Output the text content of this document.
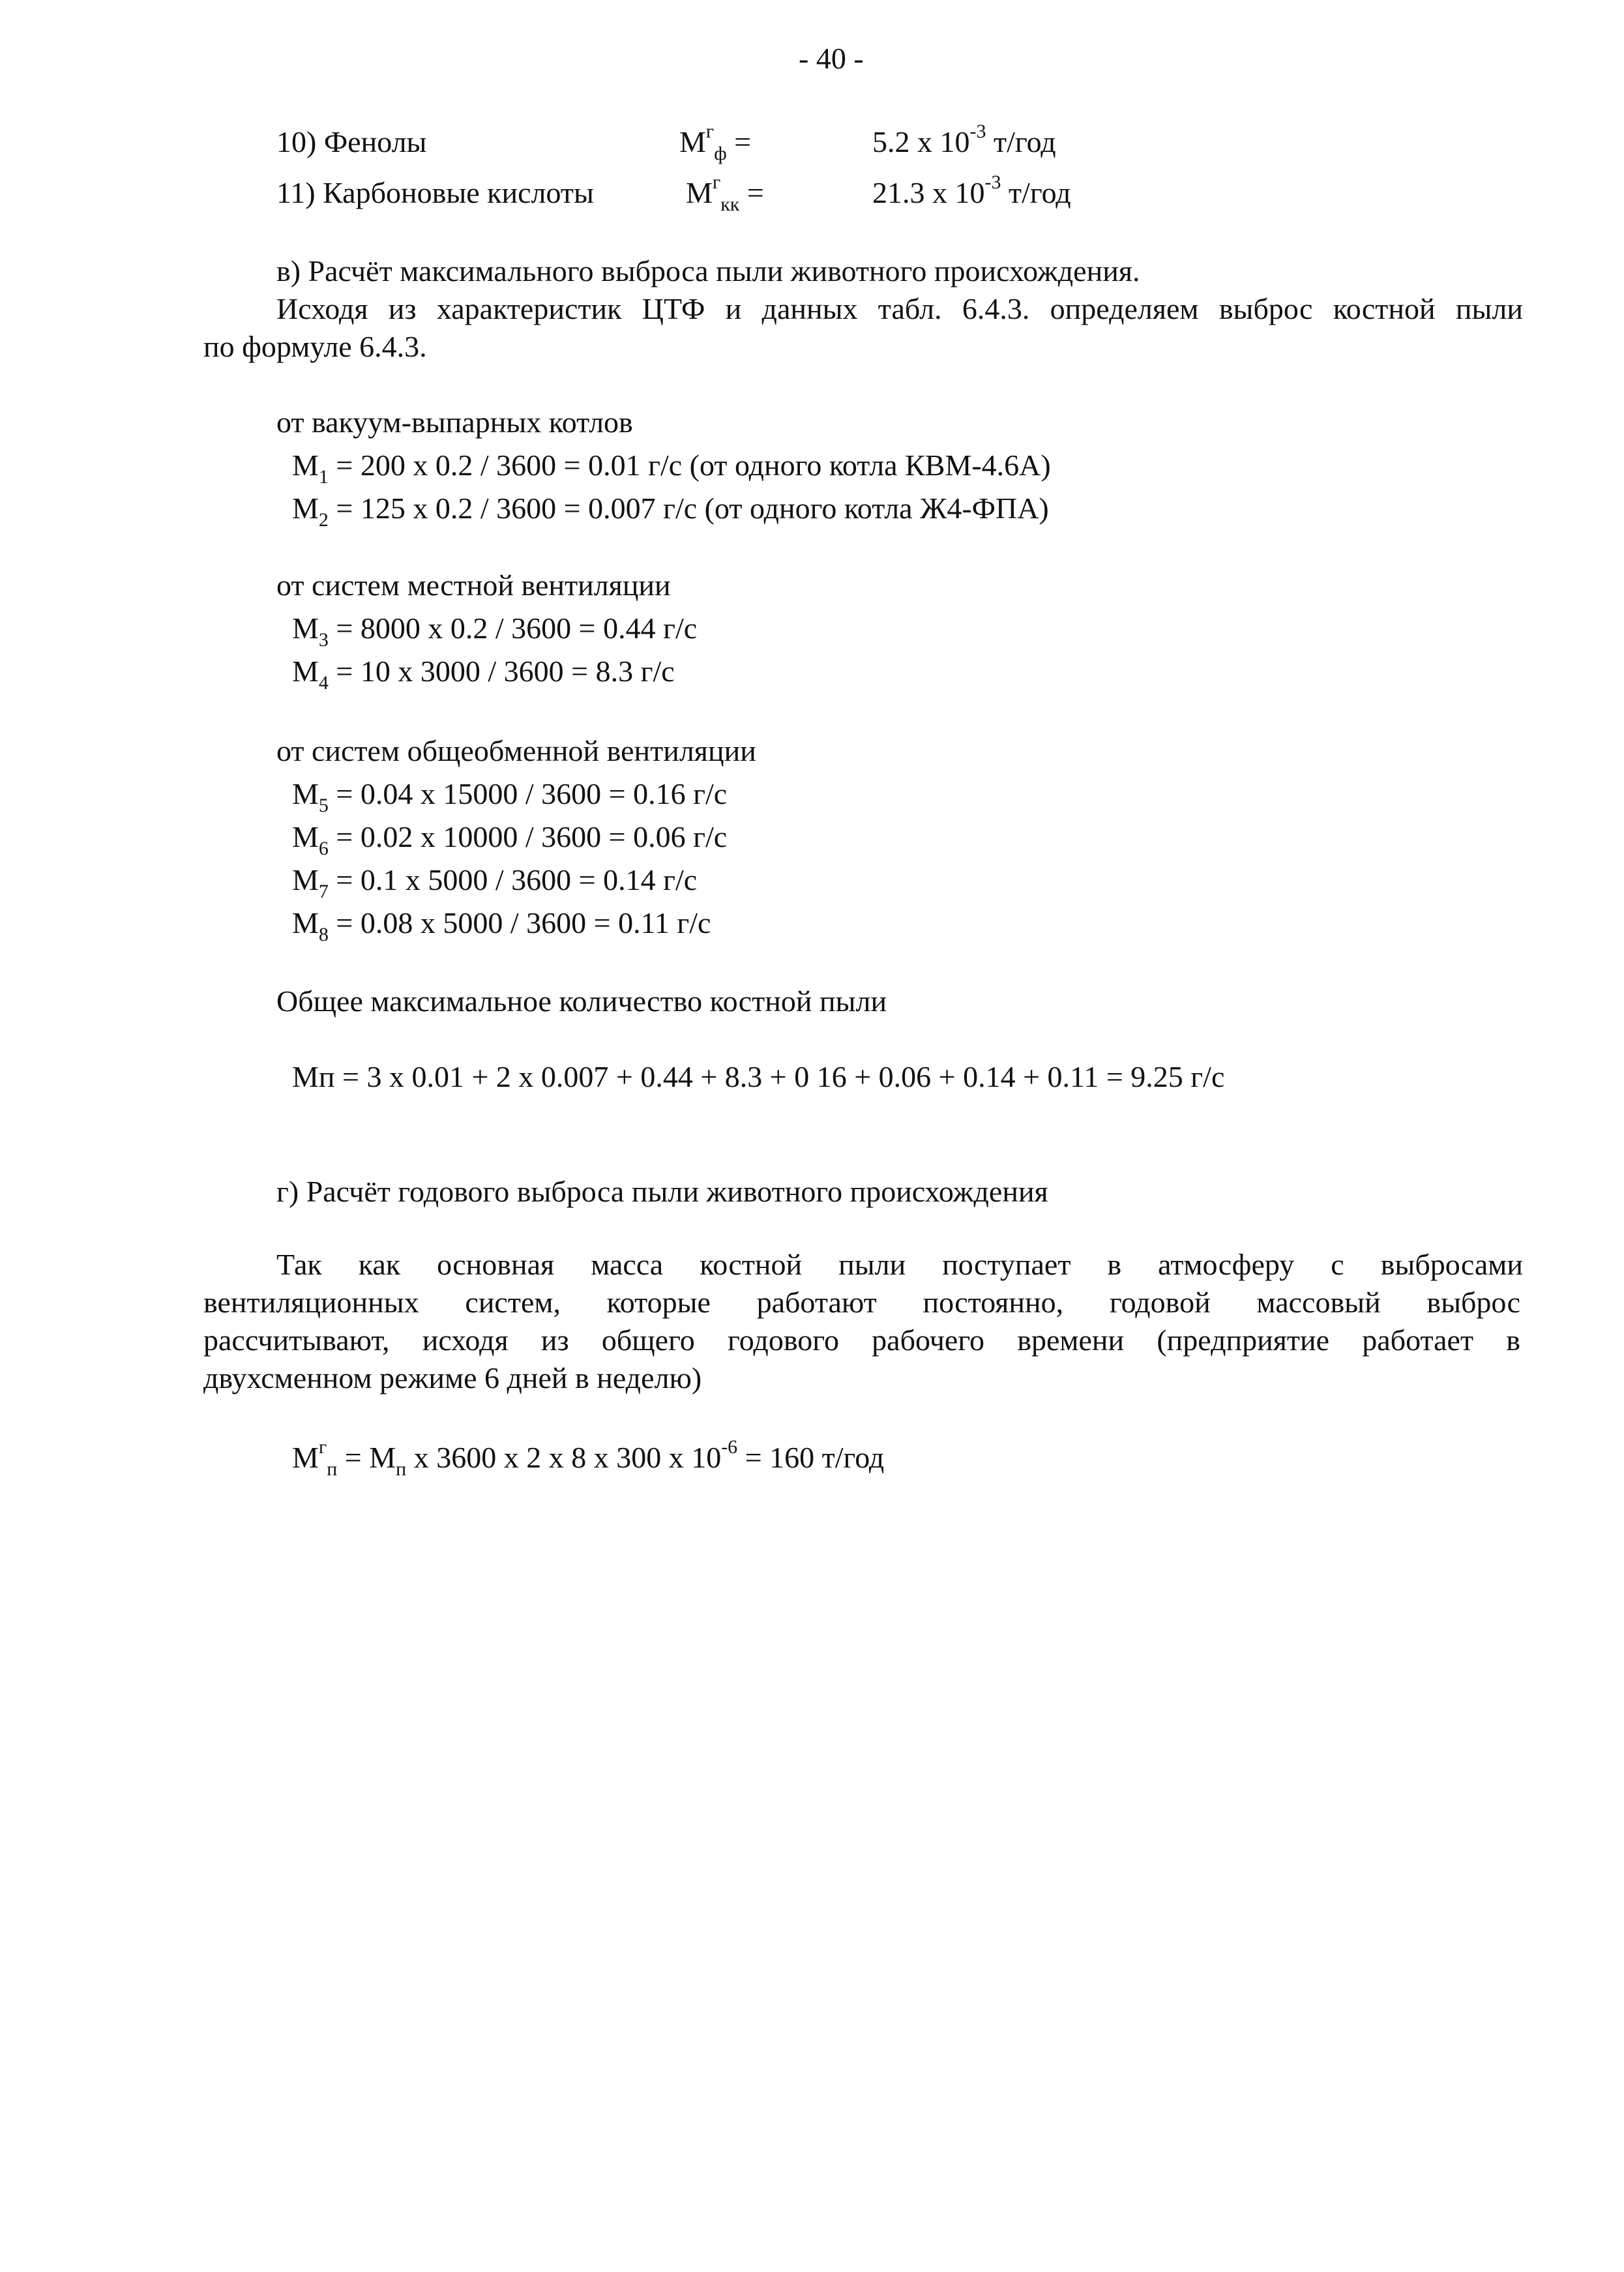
- 40 -
10) Фенолы	$М^г_ф$ =	5.2 x $10^{-3}$ т/год
11) Карбоновые кислоты	$М^г_{кк}$ =	21.3 x $10^{-3}$ т/год
в) Расчёт максимального выброса пыли животного происхождения.
Исходя из характеристик ЦТФ и данных табл. 6.4.3. определяем выброс костной пыли
по формуле 6.4.3.
от вакуум-выпарных котлов
$M_1 = 200$ x 0.2 / 3600 = 0.01 г/с (от одного котла КВМ-4.6А)
$M_2 = 125$ x 0.2 / 3600 = 0.007 г/с (от одного котла Ж4-ФПА)
от систем местной вентиляции
$M_3 = 8000$ x 0.2 / 3600 = 0.44 г/с
$M_4 = 10$ x 3000 / 3600 = 8.3 г/с
от систем общеобменной вентиляции
$M_5 = 0.04$ x 15000 / 3600 = 0.16 г/с
$M_6 = 0.02$ x 10000 / 3600 = 0.06 г/с
$M_7 = 0.1$ x 5000 / 3600 = 0.14 г/с
$M_8 = 0.08$ x 5000 / 3600 = 0.11 г/с
Общее максимальное количество костной пыли
Мп = 3 x 0.01 + 2 x 0.007 + 0.44 + 8.3 + 0 16 + 0.06 + 0.14 + 0.11 = 9.25 г/с
г) Расчёт годового выброса пыли животного происхождения
Так как основная масса костной пыли поступает в атмосферу с выбросами
вентиляционных систем, которые работают постоянно, годовой массовый выброс
рассчитывают, исходя из общего годового рабочего времени (предприятие работает в
двухсменном режиме 6 дней в неделю)
$М^г_п = М_п$ x 3600 x 2 x 8 x 300 x $10^{-6} = 160$ т/год
